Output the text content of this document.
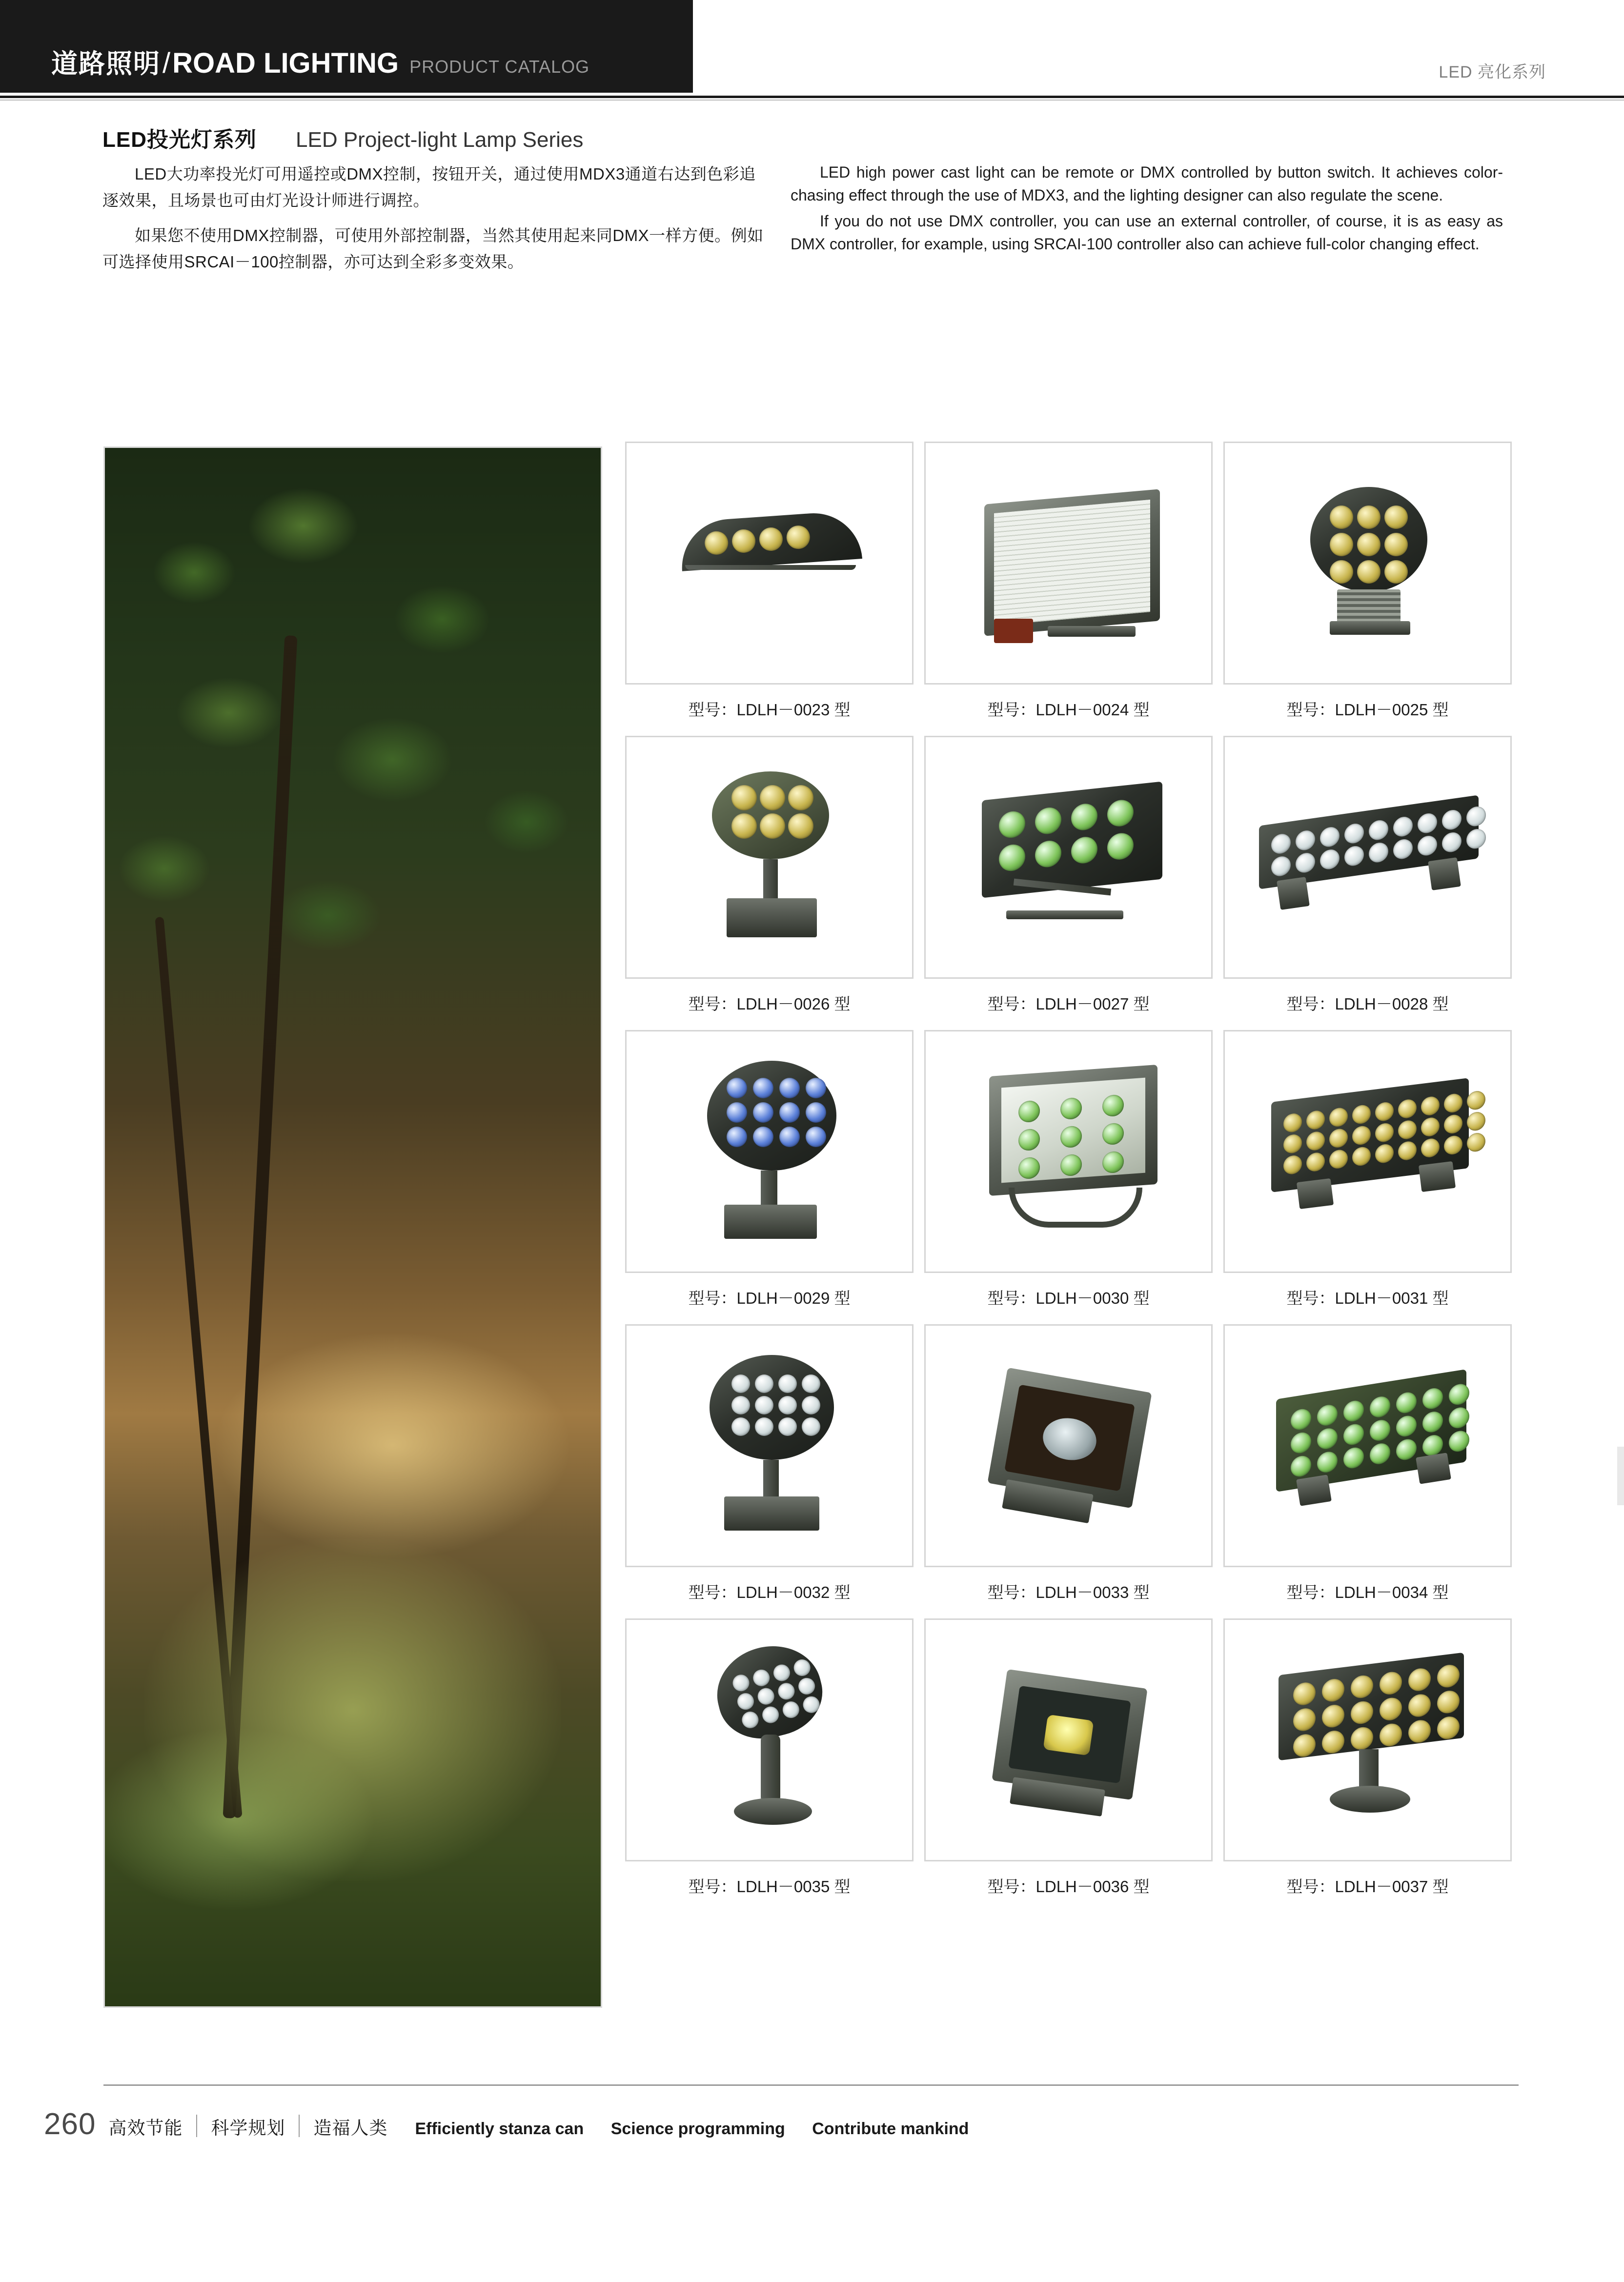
道路照明 / ROAD LIGHTING PRODUCT CATALOG	LED 亮化系列
LED投光灯系列 LED Project-light Lamp Series

LED大功率投光灯可用遥控或DMX控制，按钮开关，通过使用MDX3通道右达到色彩追逐效果，且场景也可由灯光设计师进行调控。

如果您不使用DMX控制器，可使用外部控制器，当然其使用起来同DMX一样方便。例如可选择使用SRCAI－100控制器，亦可达到全彩多变效果。

LED high power cast light can be remote or DMX controlled by button switch. It achieves color-chasing effect through the use of MDX3, and the lighting designer can also regulate the scene.

If you do not use DMX controller, you can use an external controller, of course, it is as easy as DMX controller, for example, using SRCAI-100 controller also can achieve full-color changing effect.

型号：LDLH－0023 型	型号：LDLH－0024 型	型号：LDLH－0025 型
型号：LDLH－0026 型	型号：LDLH－0027 型	型号：LDLH－0028 型
型号：LDLH－0029 型	型号：LDLH－0030 型	型号：LDLH－0031 型
型号：LDLH－0032 型	型号：LDLH－0033 型	型号：LDLH－0034 型
型号：LDLH－0035 型	型号：LDLH－0036 型	型号：LDLH－0037 型
260 高效节能 科学规划 造福人类 Efficiently stanza can Science programming Contribute mankind
